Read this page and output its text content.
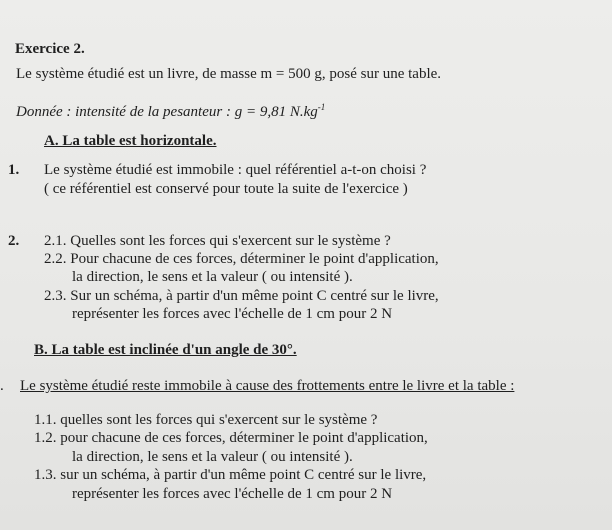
Exercice 2.
Le système étudié est un livre, de masse m = 500 g, posé sur une table.
Donnée : intensité de la pesanteur : g = 9,81 $N.kg^{-1}$
A. La table est horizontale.
1. Le système étudié est immobile : quel référentiel a-t-on choisi ?
( ce référentiel est conservé pour toute la suite de l'exercice )
2. 2.1. Quelles sont les forces qui s'exercent sur le système ?
2.2. Pour chacune de ces forces, déterminer le point d'application,
la direction, le sens et la valeur ( ou intensité ).
2.3. Sur un schéma, à partir d'un même point C centré sur le livre,
représenter les forces avec l'échelle de 1 cm pour 2 N
B. La table est inclinée d'un angle de 30°.
. Le système étudié reste immobile à cause des frottements entre le livre et la table :
1.1. quelles sont les forces qui s'exercent sur le système ?
1.2. pour chacune de ces forces, déterminer le point d'application,
la direction, le sens et la valeur ( ou intensité ).
1.3. sur un schéma, à partir d'un même point C centré sur le livre,
représenter les forces avec l'échelle de 1 cm pour 2 N
